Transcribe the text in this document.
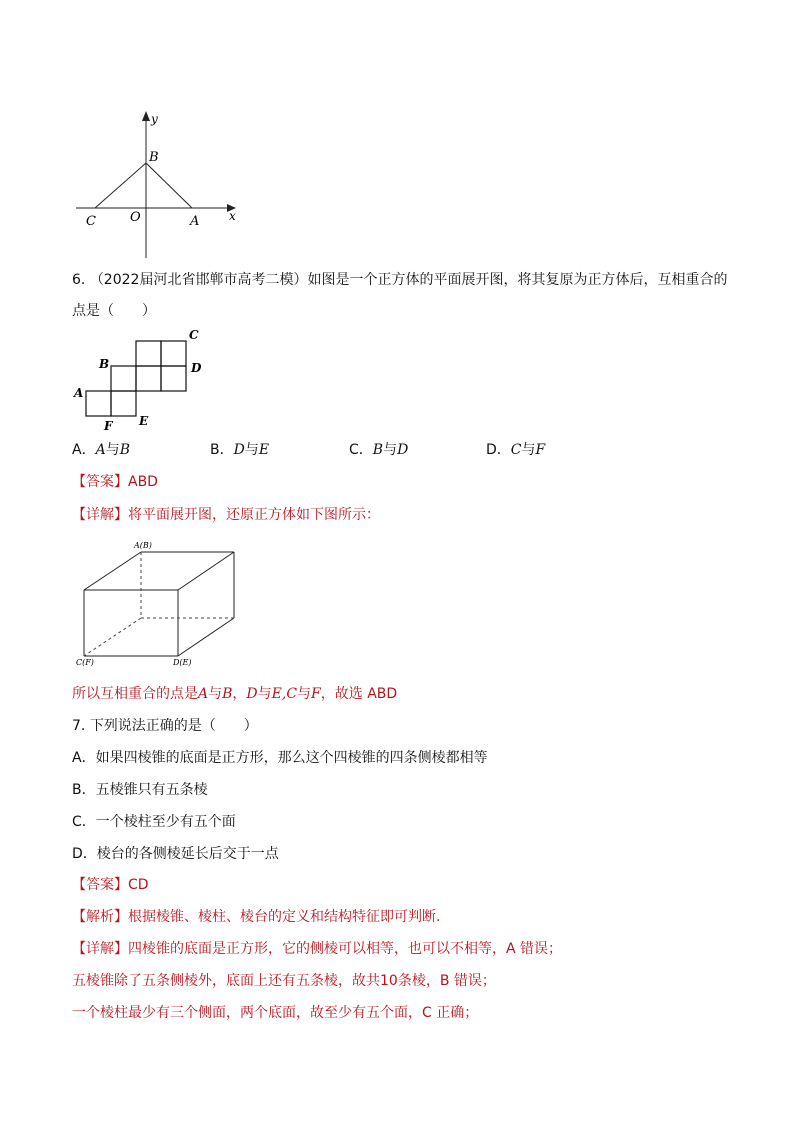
y
B
C	O	A x
6. （2022届河北省邯郸市高考二模）如图是一个正方体的平面展开图，将其复原为正方体后，互相重合的
点是（　　）
C
B	D
A
E
F
A．A与B	B．D与E	C．B与D	D．C与F
【答案】ABD
【详解】将平面展开图，还原正方体如下图所示：
A(B)
C(F)	D(E)
所以互相重合的点是A与B，D与E,C与F，故选 ABD
7. 下列说法正确的是（　　）
A．如果四棱锥的底面是正方形，那么这个四棱锥的四条侧棱都相等
B．五棱锥只有五条棱
C．一个棱柱至少有五个面
D．棱台的各侧棱延长后交于一点
【答案】CD
【解析】根据棱锥、棱柱、棱台的定义和结构特征即可判断.
【详解】四棱锥的底面是正方形，它的侧棱可以相等，也可以不相等，A 错误；
五棱锥除了五条侧棱外，底面上还有五条棱，故共10条棱，B 错误；
一个棱柱最少有三个侧面，两个底面，故至少有五个面，C 正确；
